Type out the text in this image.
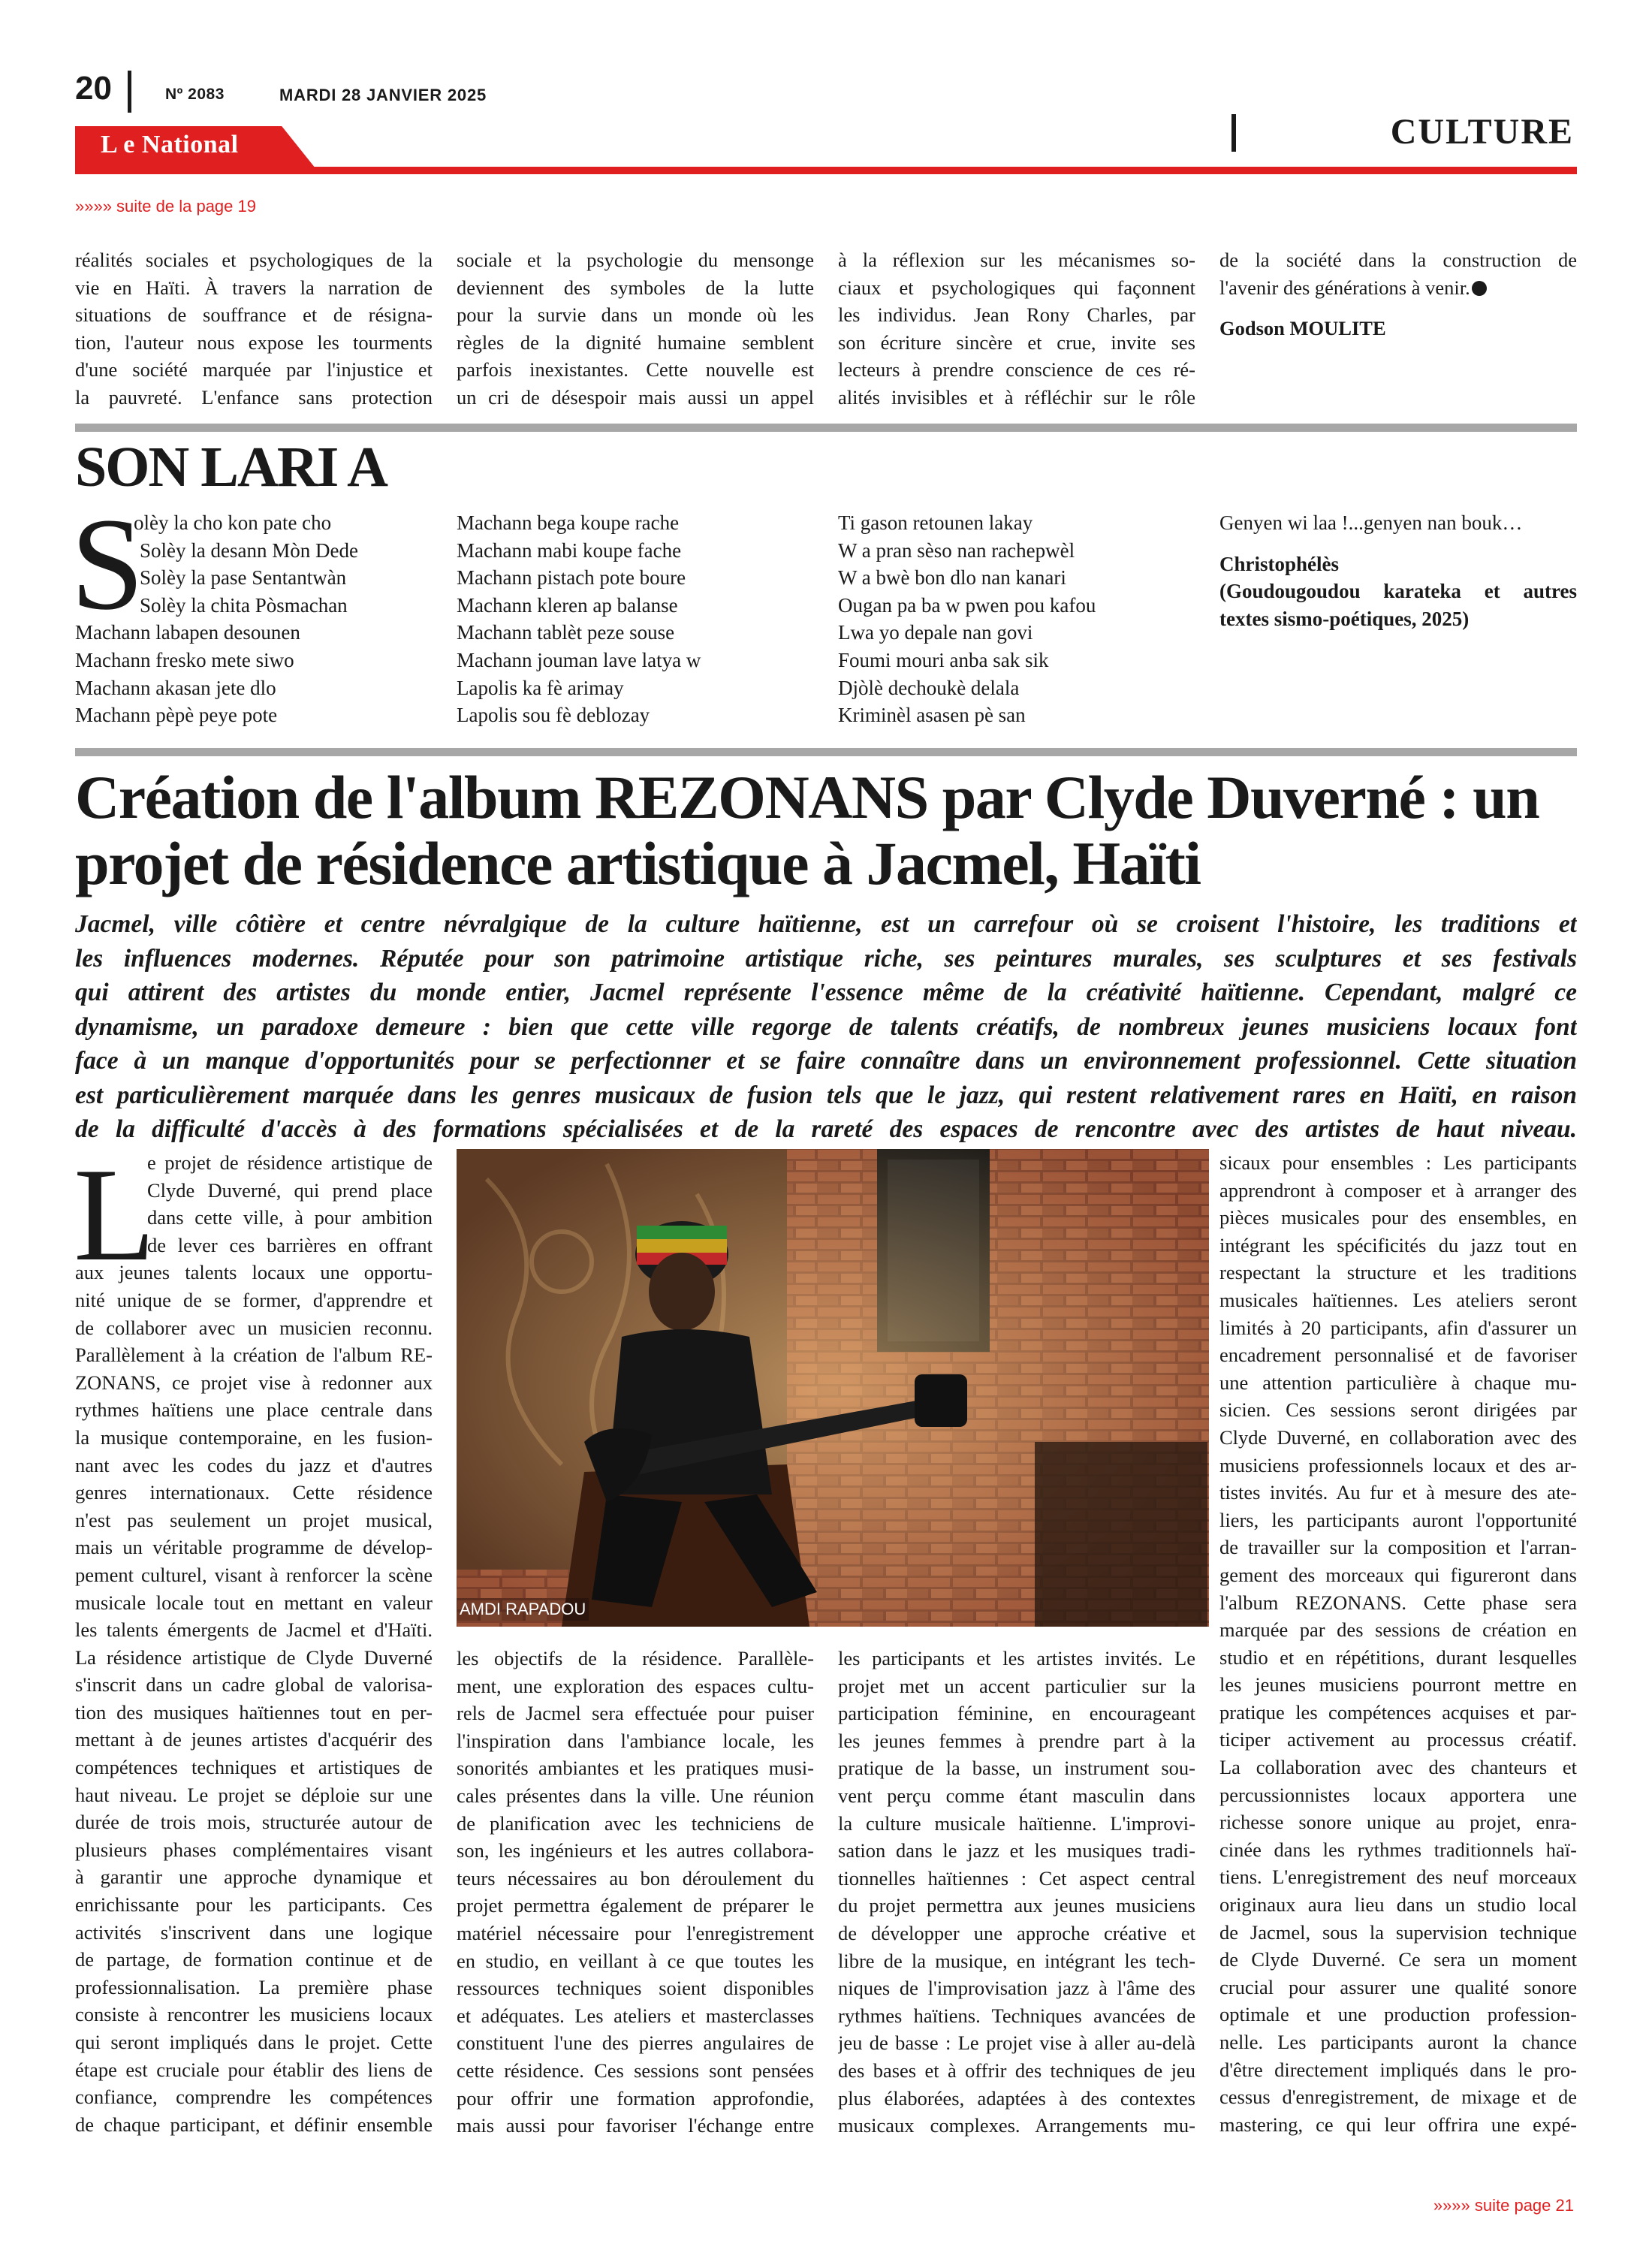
20	Nº 2083	MARDI 28 JANVIER 2025
CULTURE
L e National
»»»» suite de la page 19
réalités sociales et psychologiques de la
vie en Haïti. À travers la narration de
situations de souffrance et de résigna-
tion, l'auteur nous expose les tourments
d'une société marquée par l'injustice et
la pauvreté. L'enfance sans protection
sociale et la psychologie du mensonge
deviennent des symboles de la lutte
pour la survie dans un monde où les
règles de la dignité humaine semblent
parfois inexistantes. Cette nouvelle est
un cri de désespoir mais aussi un appel
à la réflexion sur les mécanismes so-
ciaux et psychologiques qui façonnent
les individus. Jean Rony Charles, par
son écriture sincère et crue, invite ses
lecteurs à prendre conscience de ces ré-
alités invisibles et à réfléchir sur le rôle
de la société dans la construction de
l'avenir des générations à venir.
Godson MOULITE
SON LARI A
S
olèy la cho kon pate cho
Solèy la desann Mòn Dede
Solèy la pase Sentantwàn
Solèy la chita Pòsmachan
Machann labapen desounen
Machann fresko mete siwo
Machann akasan jete dlo
Machann pèpè peye pote
Machann bega koupe rache
Machann mabi koupe fache
Machann pistach pote boure
Machann kleren ap balanse
Machann tablèt peze souse
Machann jouman lave latya w
Lapolis ka fè arimay
Lapolis sou fè deblozay
Ti gason retounen lakay
W a pran sèso nan rachepwèl
W a bwè bon dlo nan kanari
Ougan pa ba w pwen pou kafou
Lwa yo depale nan govi
Foumi mouri anba sak sik
Djòlè dechoukè delala
Kriminèl asasen pè san
Genyen wi laa !...genyen nan bouk…
Christophélès
(Goudougoudou karateka et autres textes sismo-poétiques, 2025)
Création de l'album REZONANS par Clyde Duverné : un projet de résidence artistique à Jacmel, Haïti
Jacmel, ville côtière et centre névralgique de la culture haïtienne, est un carrefour où se croisent l'histoire, les traditions et
les influences modernes. Réputée pour son patrimoine artistique riche, ses peintures murales, ses sculptures et ses festivals
qui attirent des artistes du monde entier, Jacmel représente l'essence même de la créativité haïtienne. Cependant, malgré ce
dynamisme, un paradoxe demeure : bien que cette ville regorge de talents créatifs, de nombreux jeunes musiciens locaux font
face à un manque d'opportunités pour se perfectionner et se faire connaître dans un environnement professionnel. Cette situation
est particulièrement marquée dans les genres musicaux de fusion tels que le jazz, qui restent relativement rares en Haïti, en raison
de la difficulté d'accès à des formations spécialisées et de la rareté des espaces de rencontre avec des artistes de haut niveau.
L
e projet de résidence artistique de
Clyde Duverné, qui prend place
dans cette ville, à pour ambition
de lever ces barrières en offrant
aux jeunes talents locaux une opportu-
nité unique de se former, d'apprendre et
de collaborer avec un musicien reconnu.
Parallèlement à la création de l'album RE-
ZONANS, ce projet vise à redonner aux
rythmes haïtiens une place centrale dans
la musique contemporaine, en les fusion-
nant avec les codes du jazz et d'autres
genres internationaux. Cette résidence
n'est pas seulement un projet musical,
mais un véritable programme de dévelop-
pement culturel, visant à renforcer la scène
musicale locale tout en mettant en valeur
les talents émergents de Jacmel et d'Haïti.
La résidence artistique de Clyde Duverné
s'inscrit dans un cadre global de valorisa-
tion des musiques haïtiennes tout en per-
mettant à de jeunes artistes d'acquérir des
compétences techniques et artistiques de
haut niveau. Le projet se déploie sur une
durée de trois mois, structurée autour de
plusieurs phases complémentaires visant
à garantir une approche dynamique et
enrichissante pour les participants. Ces
activités s'inscrivent dans une logique
de partage, de formation continue et de
professionnalisation. La première phase
consiste à rencontrer les musiciens locaux
qui seront impliqués dans le projet. Cette
étape est cruciale pour établir des liens de
confiance, comprendre les compétences
de chaque participant, et définir ensemble
AMDI RAPADOU
les objectifs de la résidence. Parallèle-
ment, une exploration des espaces cultu-
rels de Jacmel sera effectuée pour puiser
l'inspiration dans l'ambiance locale, les
sonorités ambiantes et les pratiques musi-
cales présentes dans la ville. Une réunion
de planification avec les techniciens de
son, les ingénieurs et les autres collabora-
teurs nécessaires au bon déroulement du
projet permettra également de préparer le
matériel nécessaire pour l'enregistrement
en studio, en veillant à ce que toutes les
ressources techniques soient disponibles
et adéquates. Les ateliers et masterclasses
constituent l'une des pierres angulaires de
cette résidence. Ces sessions sont pensées
pour offrir une formation approfondie,
mais aussi pour favoriser l'échange entre
les participants et les artistes invités. Le
projet met un accent particulier sur la
participation féminine, en encourageant
les jeunes femmes à prendre part à la
pratique de la basse, un instrument sou-
vent perçu comme étant masculin dans
la culture musicale haïtienne. L'improvi-
sation dans le jazz et les musiques tradi-
tionnelles haïtiennes : Cet aspect central
du projet permettra aux jeunes musiciens
de développer une approche créative et
libre de la musique, en intégrant les tech-
niques de l'improvisation jazz à l'âme des
rythmes haïtiens. Techniques avancées de
jeu de basse : Le projet vise à aller au-delà
des bases et à offrir des techniques de jeu
plus élaborées, adaptées à des contextes
musicaux complexes. Arrangements mu-
sicaux pour ensembles : Les participants
apprendront à composer et à arranger des
pièces musicales pour des ensembles, en
intégrant les spécificités du jazz tout en
respectant la structure et les traditions
musicales haïtiennes. Les ateliers seront
limités à 20 participants, afin d'assurer un
encadrement personnalisé et de favoriser
une attention particulière à chaque mu-
sicien. Ces sessions seront dirigées par
Clyde Duverné, en collaboration avec des
musiciens professionnels locaux et des ar-
tistes invités. Au fur et à mesure des ate-
liers, les participants auront l'opportunité
de travailler sur la composition et l'arran-
gement des morceaux qui figureront dans
l'album REZONANS. Cette phase sera
marquée par des sessions de création en
studio et en répétitions, durant lesquelles
les jeunes musiciens pourront mettre en
pratique les compétences acquises et par-
ticiper activement au processus créatif.
La collaboration avec des chanteurs et
percussionnistes locaux apportera une
richesse sonore unique au projet, enra-
cinée dans les rythmes traditionnels haï-
tiens. L'enregistrement des neuf morceaux
originaux aura lieu dans un studio local
de Jacmel, sous la supervision technique
de Clyde Duverné. Ce sera un moment
crucial pour assurer une qualité sonore
optimale et une production profession-
nelle. Les participants auront la chance
d'être directement impliqués dans le pro-
cessus d'enregistrement, de mixage et de
mastering, ce qui leur offrira une expé-
»»»» suite page 21
